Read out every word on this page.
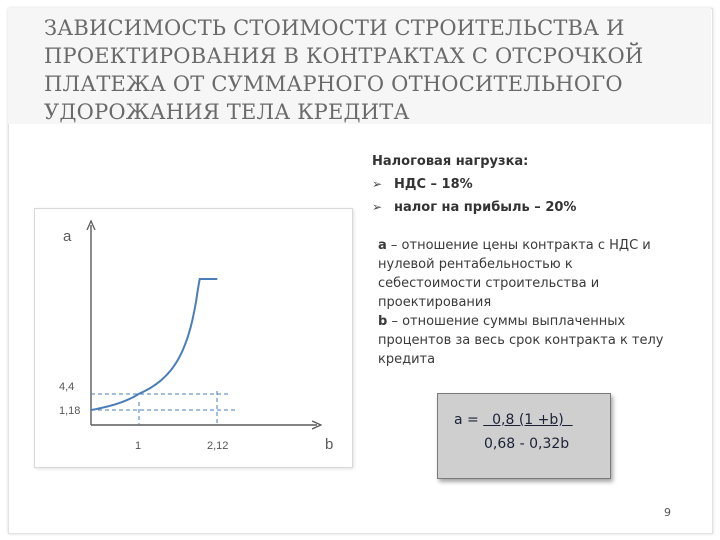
ЗАВИСИМОСТЬ СТОИМОСТИ СТРОИТЕЛЬСТВА И ПРОЕКТИРОВАНИЯ В КОНТРАКТАХ С ОТСРОЧКОЙ ПЛАТЕЖА ОТ СУММАРНОГО ОТНОСИТЕЛЬНОГО УДОРОЖАНИЯ ТЕЛА КРЕДИТА
Налоговая нагрузка:
➢ НДС – 18%
➢ налог на прибыль – 20%

a – отношение цены контракта с НДС и нулевой рентабельностью к себестоимости строительства и проектирования

b – отношение суммы выплаченных процентов за весь срок контракта к телу кредита

a
b
1,18
4,4
1	2,12
a =   0,8 (1 +b)
0,68 - 0,32b
9
